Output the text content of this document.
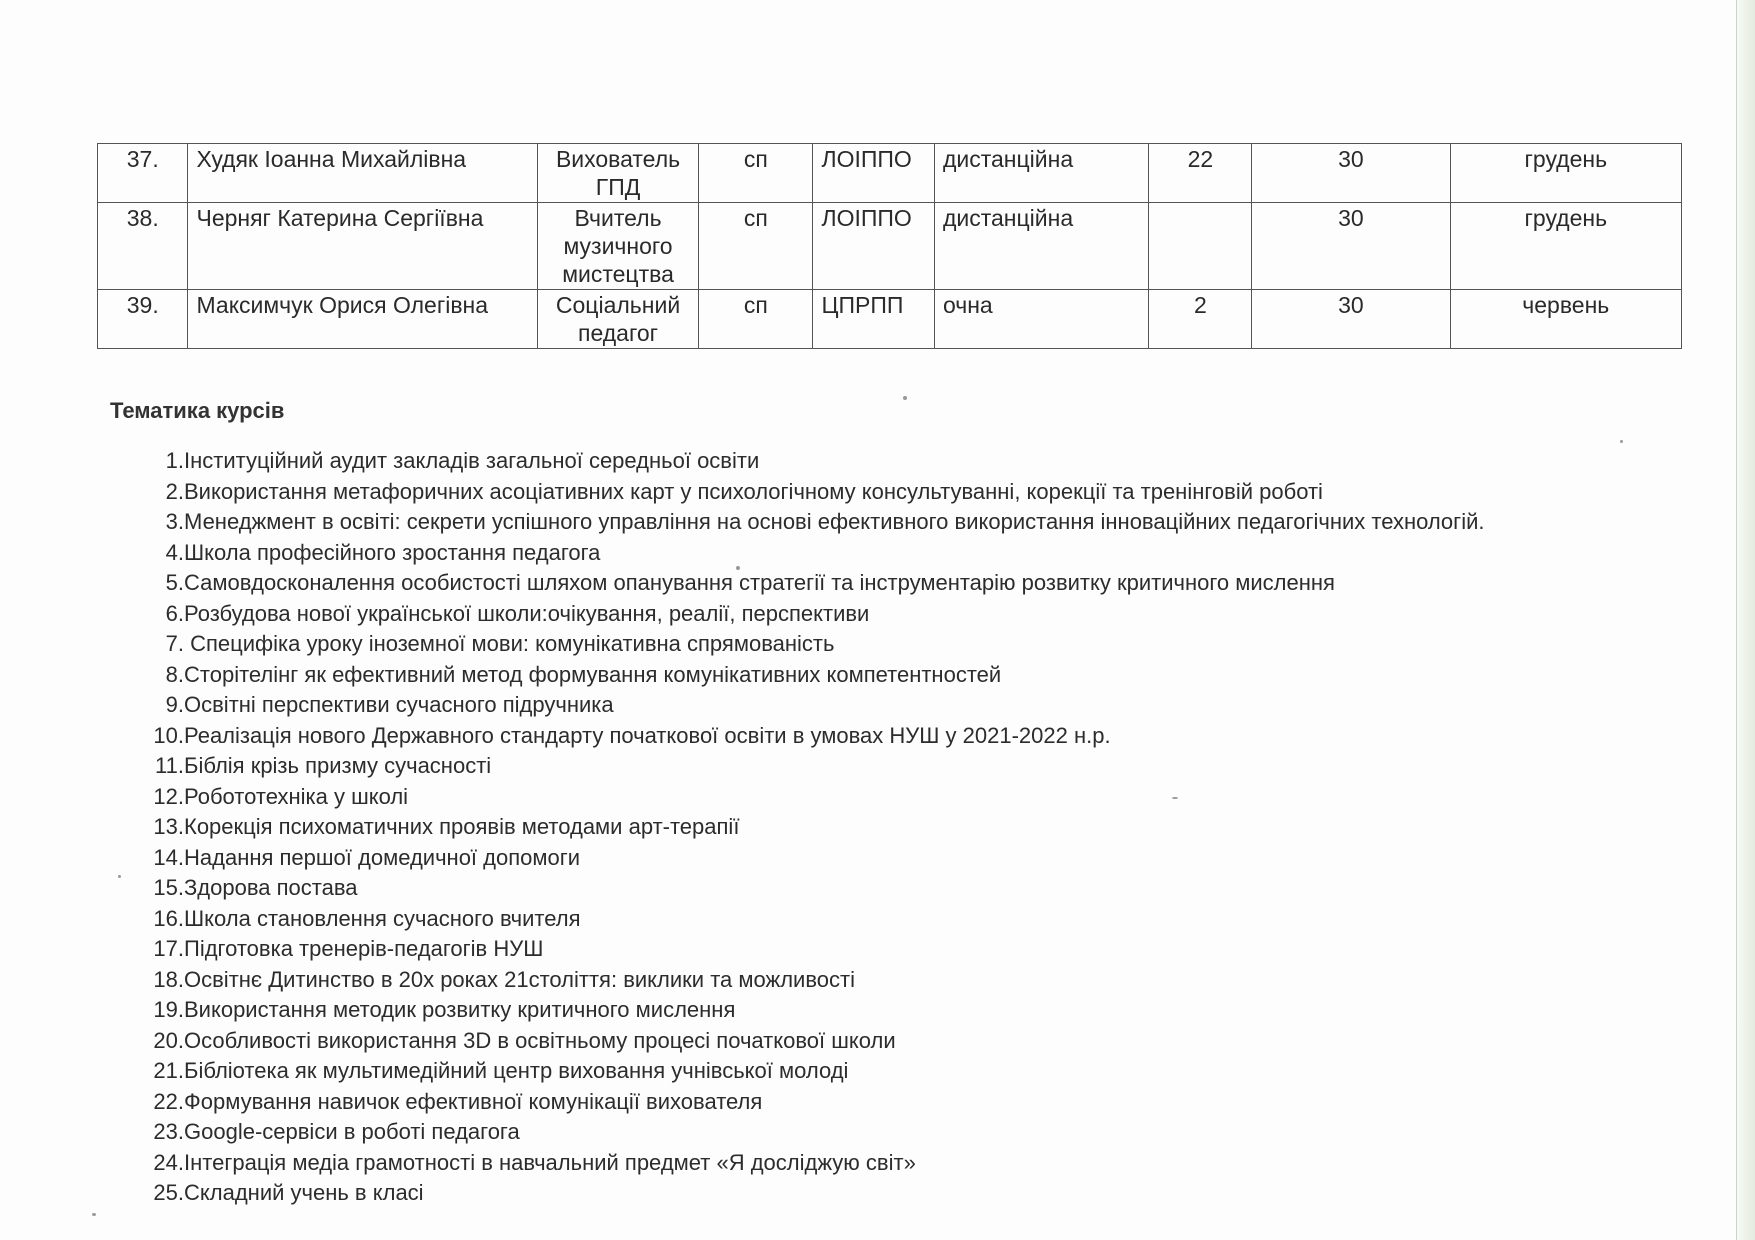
37.	Худяк Іоанна Михайлівна	Вихователь ГПД	сп	ЛОІППО	дистанційна	22	30	грудень
38.	Черняг Катерина Сергіївна	Вчитель музичного мистецтва	сп	ЛОІППО	дистанційна		30	грудень
39.	Максимчук Орися Олегівна	Соціальний педагог	сп	ЦПРПП	очна	2	30	червень
Тематика курсів
1. Інституційний аудит закладів загальної середньої освіти
2. Використання метафоричних асоціативних карт у психологічному консультуванні, корекції та тренінговій роботі
3. Менеджмент в освіті: секрети успішного управління на основі ефективного використання інноваційних педагогічних технологій.
4. Школа професійного зростання педагога
5. Самовдосконалення особистості шляхом опанування стратегії та інструментарію розвитку критичного мислення
6. Розбудова нової української школи:очікування, реалії, перспективи
7. Специфіка уроку іноземної мови: комунікативна спрямованість
8. Сторітелінг як ефективний метод формування комунікативних компетентностей
9. Освітні перспективи сучасного підручника
10. Реалізація нового Державного стандарту початкової освіти в умовах НУШ у 2021-2022 н.р.
11. Біблія крізь призму сучасності
12. Робототехніка у школі
13. Корекція психоматичних проявів методами арт-терапії
14. Надання першої домедичної допомоги
15. Здорова постава
16. Школа становлення сучасного вчителя
17. Підготовка тренерів-педагогів НУШ
18. Освітнє Дитинство в 20х роках 21століття: виклики та можливості
19. Використання методик розвитку критичного мислення
20. Особливості використання 3D в освітньому процесі початкової школи
21. Бібліотека як мультимедійний центр виховання учнівської молоді
22. Формування навичок ефективної комунікації вихователя
23. Google-сервіси в роботі педагога
24. Інтеграція медіа грамотності в навчальний предмет «Я досліджую світ»
25. Складний учень в класі
